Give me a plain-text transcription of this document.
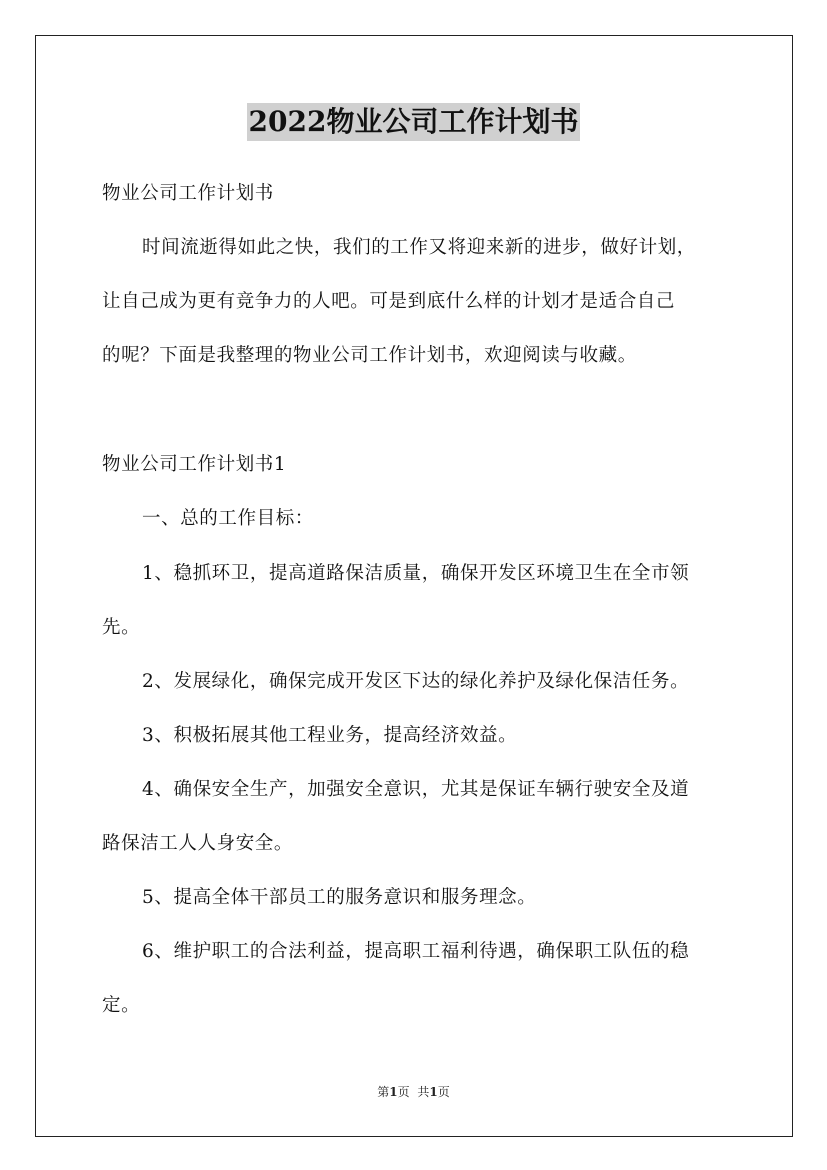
2022物业公司工作计划书
物业公司工作计划书
时间流逝得如此之快，我们的工作又将迎来新的进步，做好计划，
让自己成为更有竞争力的人吧。可是到底什么样的计划才是适合自己
的呢？下面是我整理的物业公司工作计划书，欢迎阅读与收藏。
物业公司工作计划书1
一、总的工作目标：
1、稳抓环卫，提高道路保洁质量，确保开发区环境卫生在全市领
先。
2、发展绿化，确保完成开发区下达的绿化养护及绿化保洁任务。
3、积极拓展其他工程业务，提高经济效益。
4、确保安全生产，加强安全意识，尤其是保证车辆行驶安全及道
路保洁工人人身安全。
5、提高全体干部员工的服务意识和服务理念。
6、维护职工的合法利益，提高职工福利待遇，确保职工队伍的稳
定。
第1页 共1页
